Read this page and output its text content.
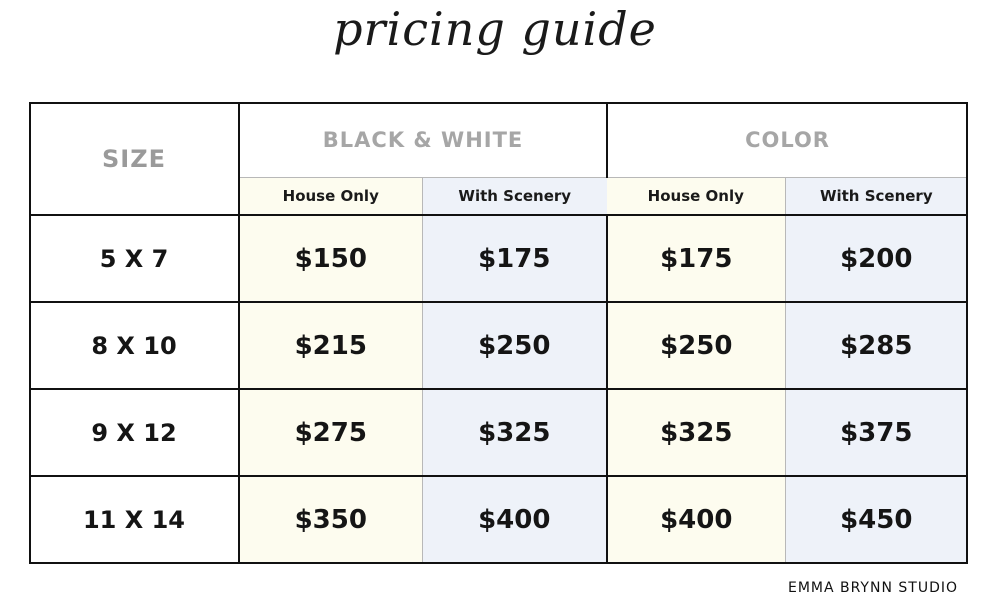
pricing guide
SIZE	BLACK & WHITE		COLOR	
	House Only	With Scenery	House Only	With Scenery
5 X 7	$150	$175	$175	$200
8 X 10	$215	$250	$250	$285
9 X 12	$275	$325	$325	$375
11 X 14	$350	$400	$400	$450
EMMA BRYNN STUDIO
